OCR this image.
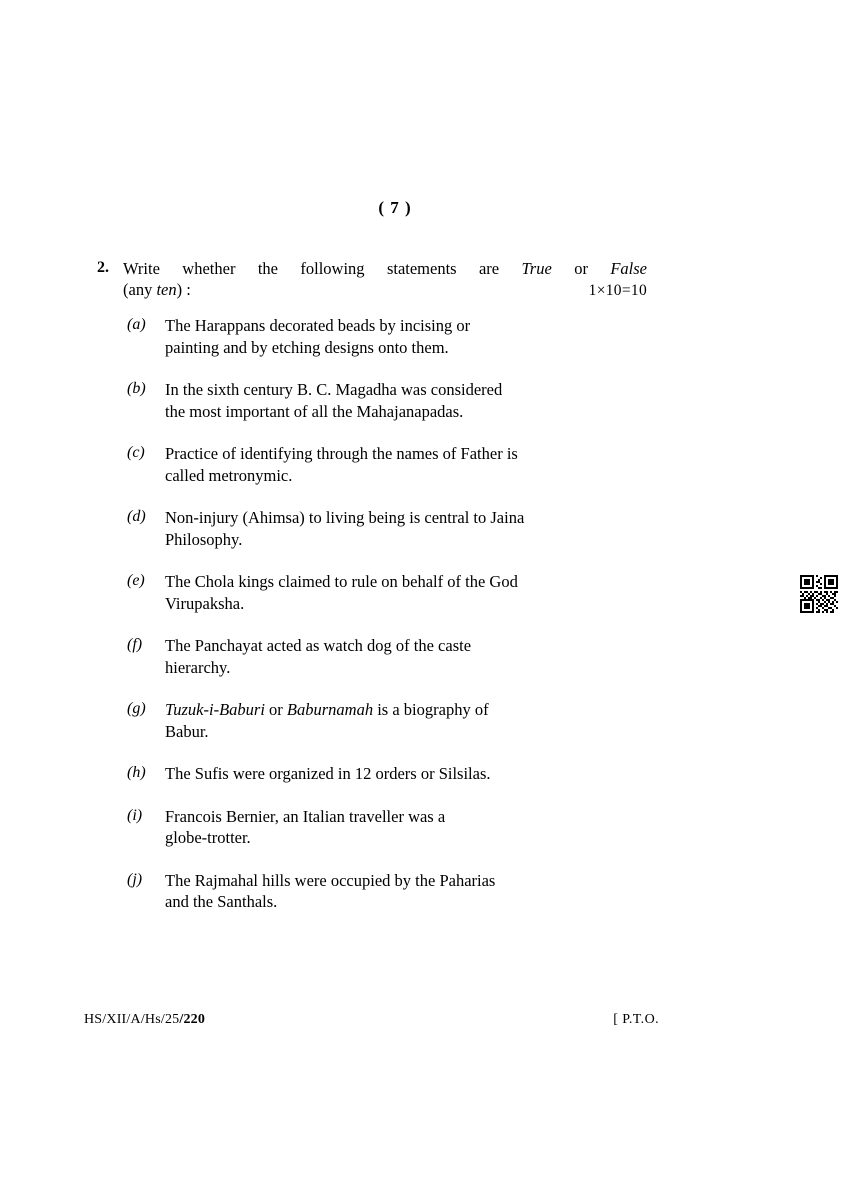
( 7 )
2. Write whether the following statements are True or False
(any ten) :	1×10=10
(a)	The Harappans decorated beads by incising or

painting and by etching designs onto them.

(b)	In the sixth century B. C. Magadha was considered

the most important of all the Mahajanapadas.

(c)	Practice of identifying through the names of Father is

called metronymic.

(d)	Non-injury (Ahimsa) to living being is central to Jaina

Philosophy.

(e)	The Chola kings claimed to rule on behalf of the God

Virupaksha.

(f)	The Panchayat acted as watch dog of the caste

hierarchy.

(g)	Tuzuk-i-Baburi or Baburnamah is a biography of

Babur.

(h)	The Sufis were organized in 12 orders or Silsilas.

(i)	Francois Bernier, an Italian traveller was a

globe-trotter.

(j)	The Rajmahal hills were occupied by the Paharias

and the Santhals.

HS/XII/A/Hs/25/220	[ P.T.O.
